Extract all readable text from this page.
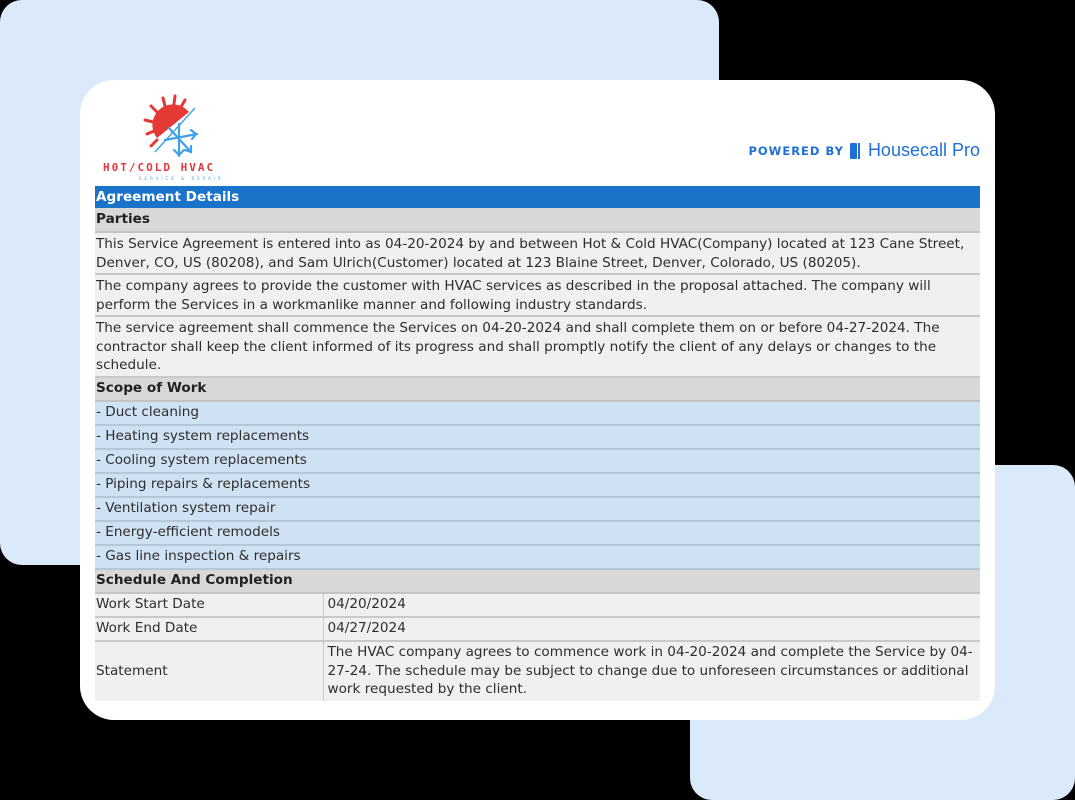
H0T/COLD HVAC
SERVICE & REPAIR
POWERED BY Housecall Pro
Agreement Details	
Parties	
This Service Agreement is entered into as 04-20-2024 by and between Hot & Cold HVAC(Company) located at 123 Cane Street, Denver, CO, US (80208), and Sam Ulrich(Customer) located at 123 Blaine Street, Denver, Colorado, US (80205).	
The company agrees to provide the customer with HVAC services as described in the proposal attached. The company will perform the Services in a workmanlike manner and following industry standards.	
The service agreement shall commence the Services on 04-20-2024 and shall complete them on or before 04-27-2024. The contractor shall keep the client informed of its progress and shall promptly notify the client of any delays or changes to the schedule.	
Scope of Work	
- Duct cleaning	
- Heating system replacements	
- Cooling system replacements	
- Piping repairs & replacements	
- Ventilation system repair	
- Energy-efficient remodels	
- Gas line inspection & repairs	
Schedule And Completion	
Work Start Date	04/20/2024
Work End Date	04/27/2024
Statement	The HVAC company agrees to commence work in 04-20-2024 and complete the Service by 04-27-24. The schedule may be subject to change due to unforeseen circumstances or additional work requested by the client.
